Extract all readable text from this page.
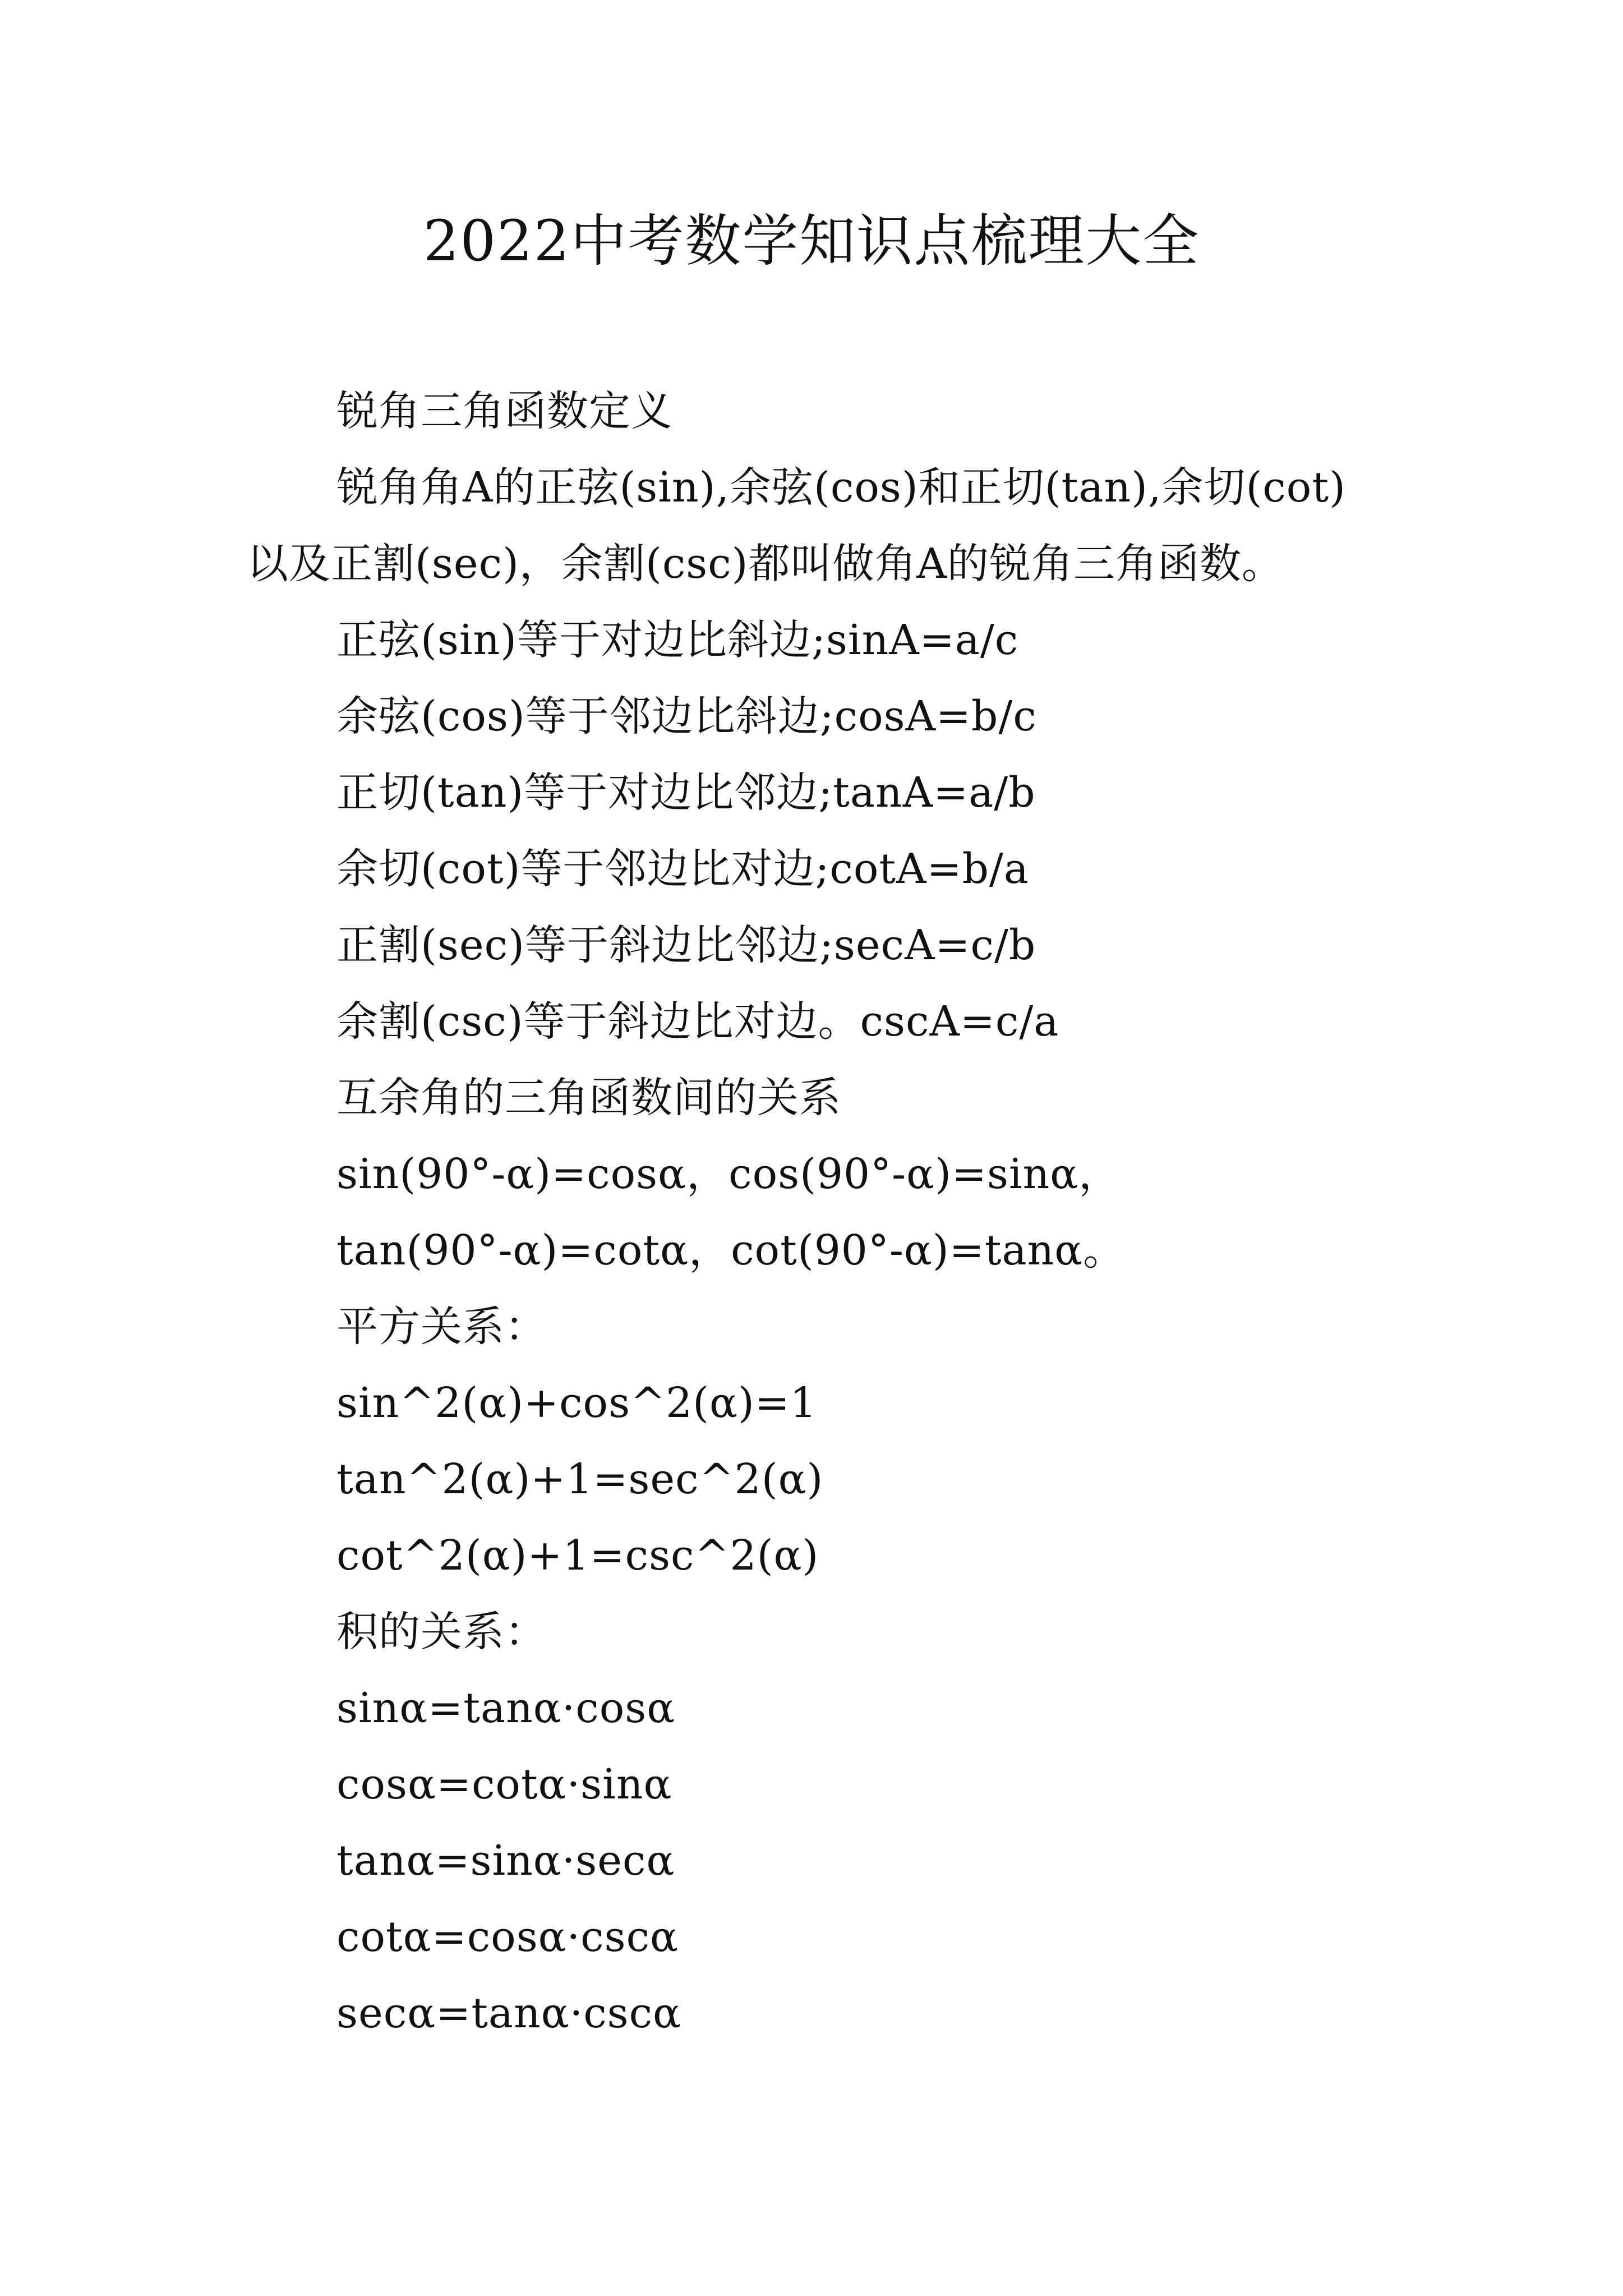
2022中考数学知识点梳理大全
锐角三角函数定义
锐角角A的正弦(sin),余弦(cos)和正切(tan),余切(cot)
以及正割(sec)，余割(csc)都叫做角A的锐角三角函数。
正弦(sin)等于对边比斜边;sinA=a/c
余弦(cos)等于邻边比斜边;cosA=b/c
正切(tan)等于对边比邻边;tanA=a/b
余切(cot)等于邻边比对边;cotA=b/a
正割(sec)等于斜边比邻边;secA=c/b
余割(csc)等于斜边比对边。cscA=c/a
互余角的三角函数间的关系
sin(90°-α)=cosα，cos(90°-α)=sinα，
tan(90°-α)=cotα，cot(90°-α)=tanα。
平方关系：
sin^2(α)+cos^2(α)=1
tan^2(α)+1=sec^2(α)
cot^2(α)+1=csc^2(α)
积的关系：
sinα=tanα·cosα
cosα=cotα·sinα
tanα=sinα·secα
cotα=cosα·cscα
secα=tanα·cscα
